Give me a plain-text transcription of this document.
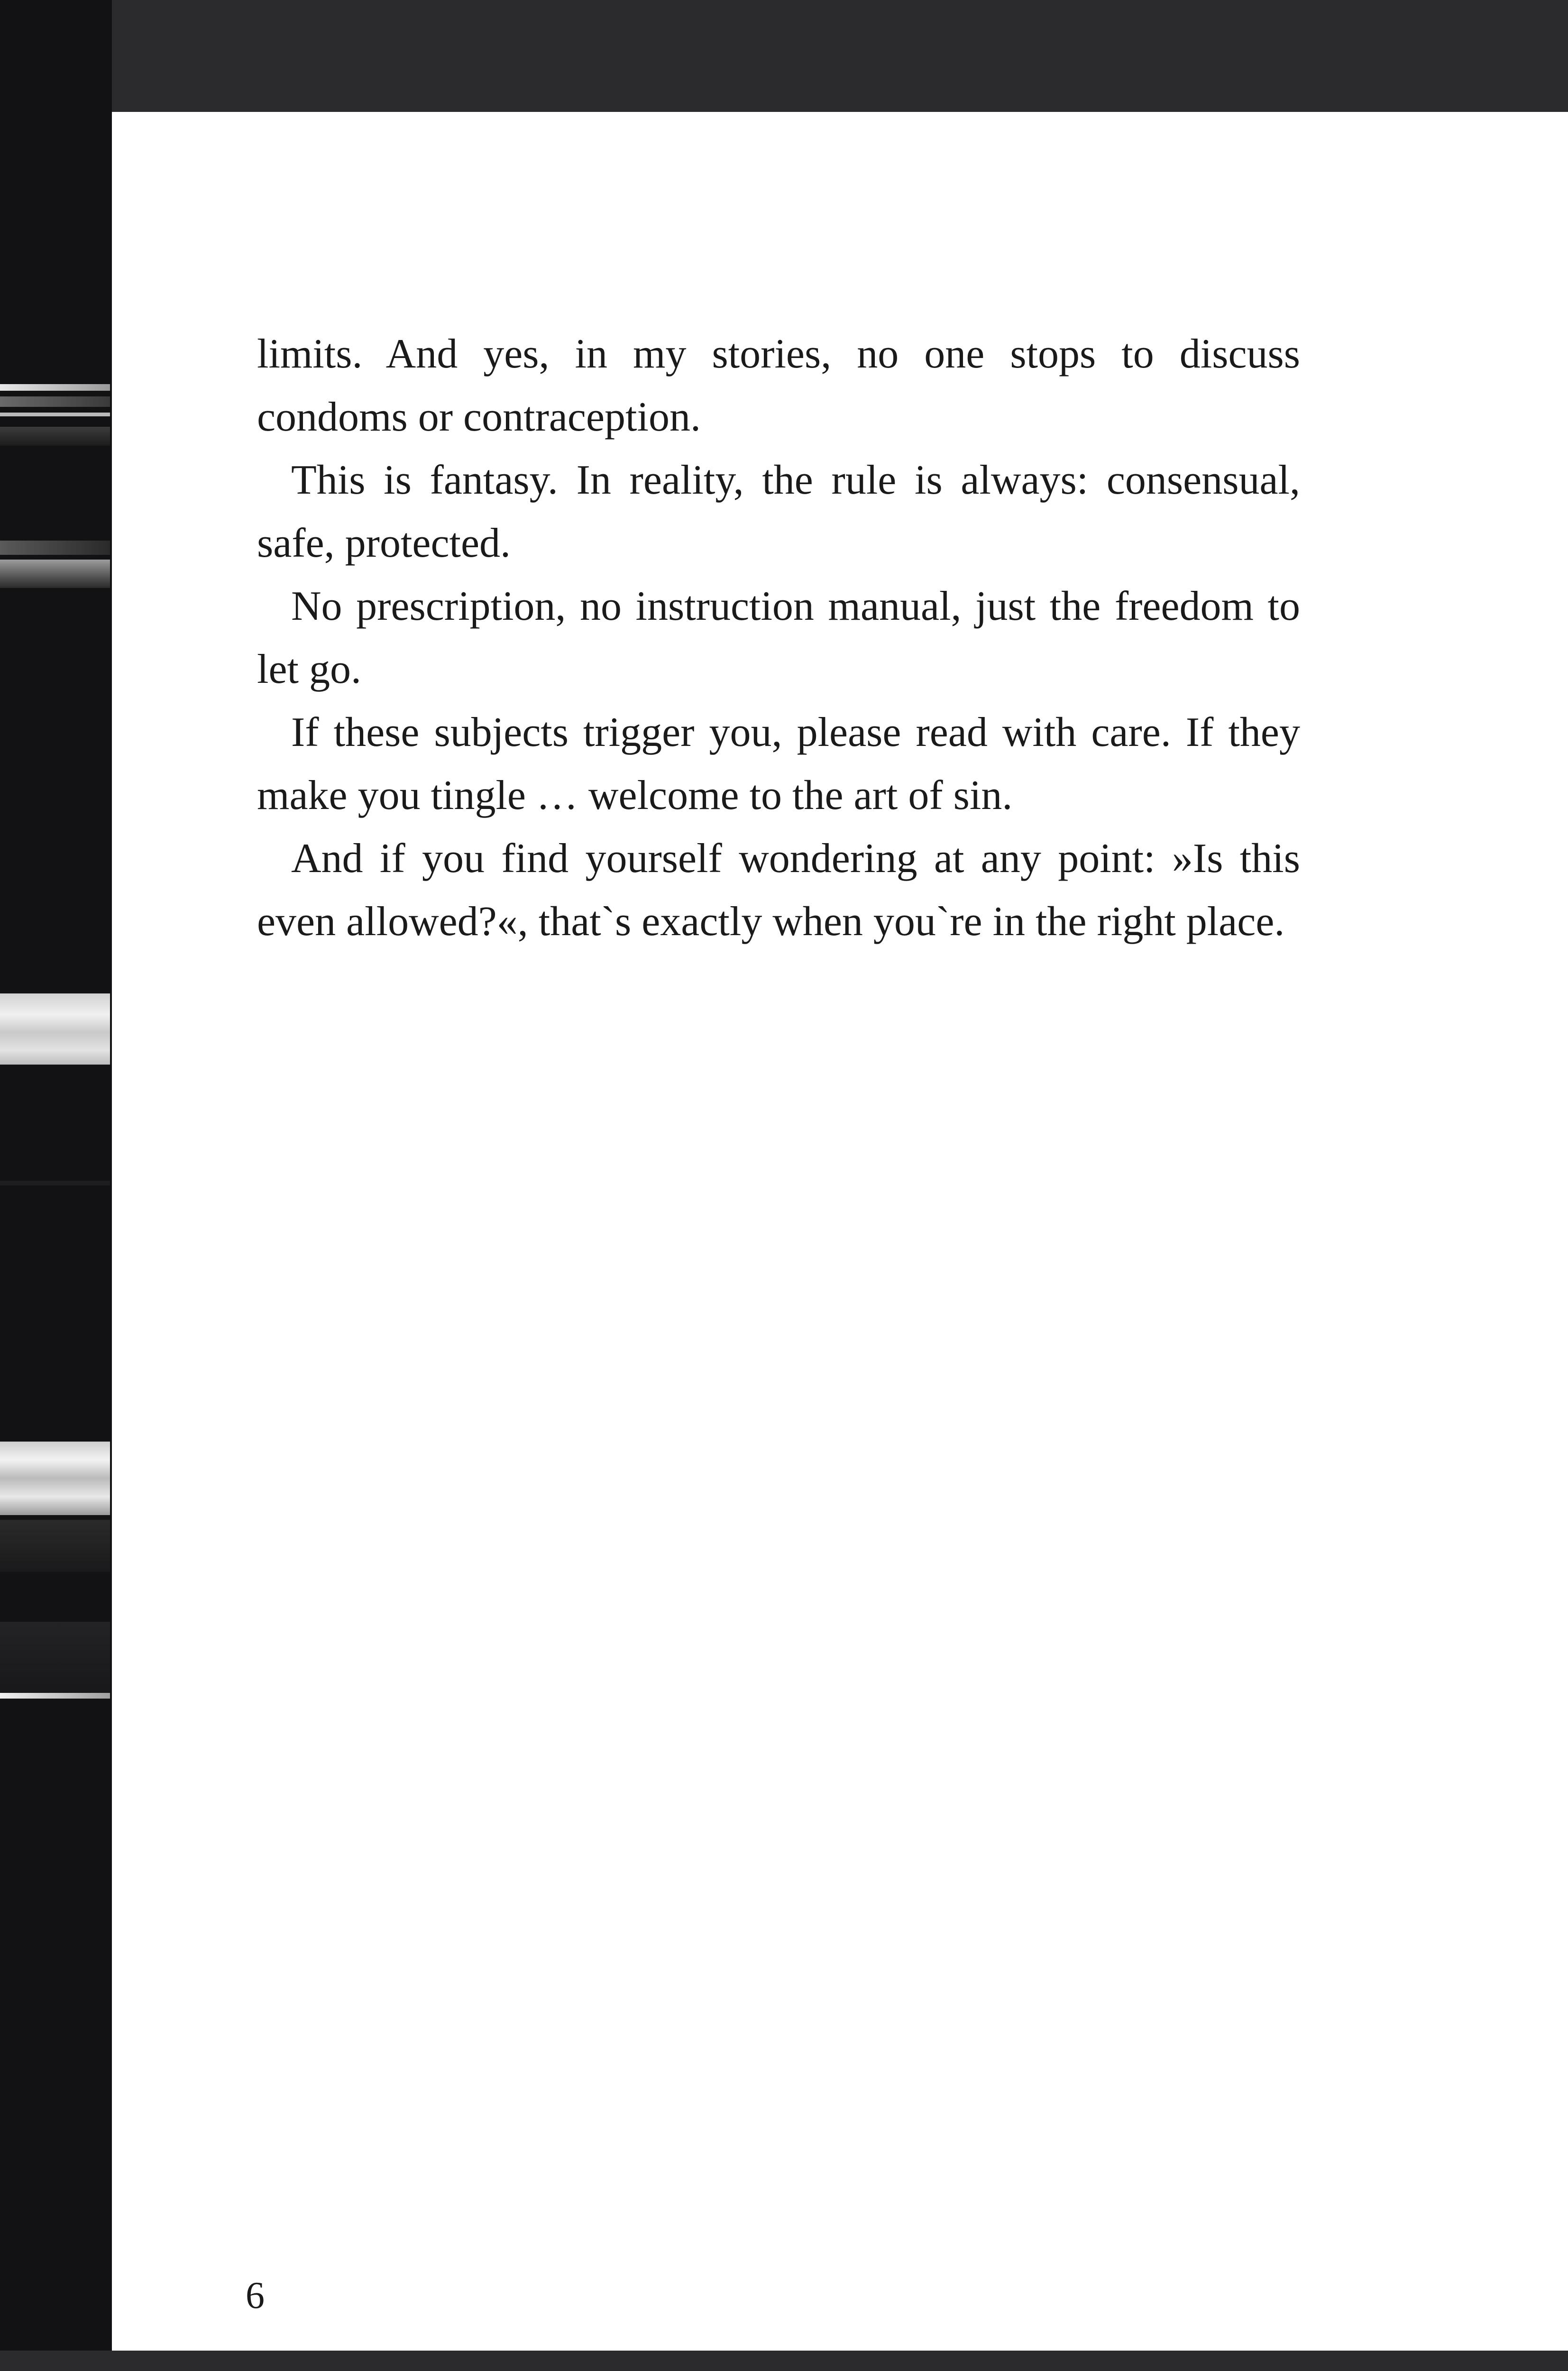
limits. And yes, in my stories, no one stops to discuss condoms or contraception.

This is fantasy. In reality, the rule is always: consensual, safe, protected.

No prescription, no instruction manual, just the freedom to let go.

If these subjects trigger you, please read with care. If they make you tingle … welcome to the art of sin.

And if you find yourself wondering at any point: »Is this even allowed?«, that`s exactly when you`re in the right place.

6
